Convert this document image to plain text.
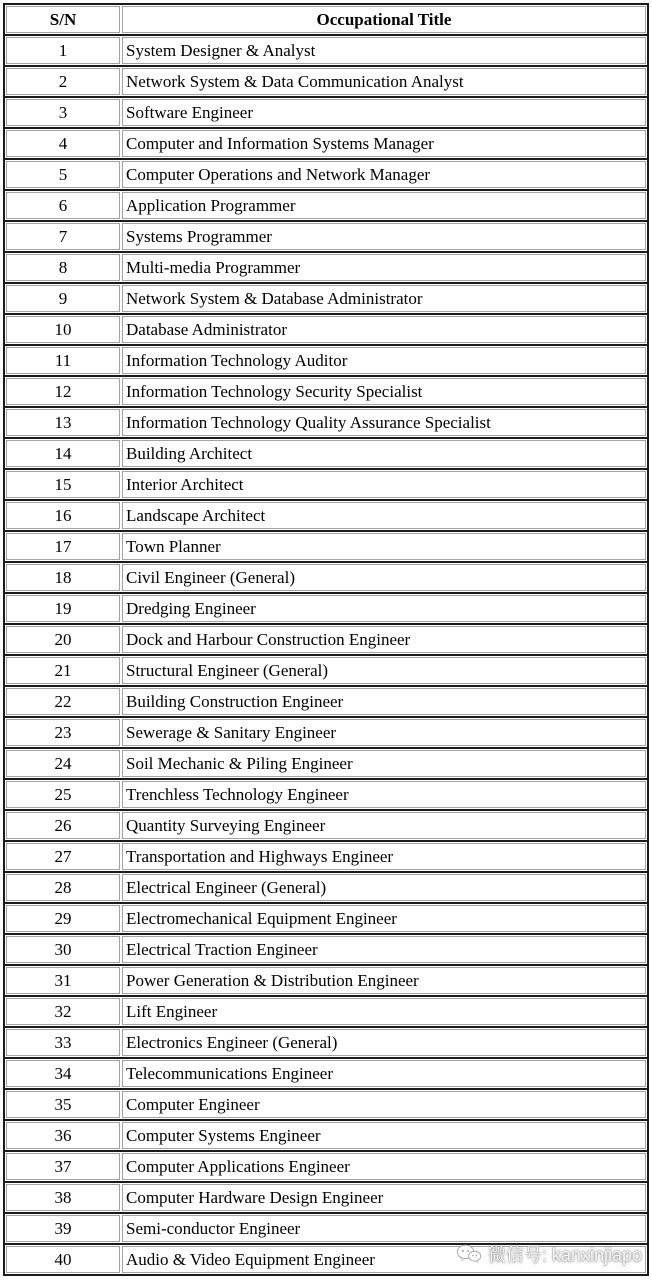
S/N	Occupational Title
1	System Designer & Analyst
2	Network System & Data Communication Analyst
3	Software Engineer
4	Computer and Information Systems Manager
5	Computer Operations and Network Manager
6	Application Programmer
7	Systems Programmer
8	Multi-media Programmer
9	Network System & Database Administrator
10	Database Administrator
11	Information Technology Auditor
12	Information Technology Security Specialist
13	Information Technology Quality Assurance Specialist
14	Building Architect
15	Interior Architect
16	Landscape Architect
17	Town Planner
18	Civil Engineer (General)
19	Dredging Engineer
20	Dock and Harbour Construction Engineer
21	Structural Engineer (General)
22	Building Construction Engineer
23	Sewerage & Sanitary Engineer
24	Soil Mechanic & Piling Engineer
25	Trenchless Technology Engineer
26	Quantity Surveying Engineer
27	Transportation and Highways Engineer
28	Electrical Engineer (General)
29	Electromechanical Equipment Engineer
30	Electrical Traction Engineer
31	Power Generation & Distribution Engineer
32	Lift Engineer
33	Electronics Engineer (General)
34	Telecommunications Engineer
35	Computer Engineer
36	Computer Systems Engineer
37	Computer Applications Engineer
38	Computer Hardware Design Engineer
39	Semi-conductor Engineer
40	Audio & Video Equipment Engineer	微信号: kanxinjiapo
